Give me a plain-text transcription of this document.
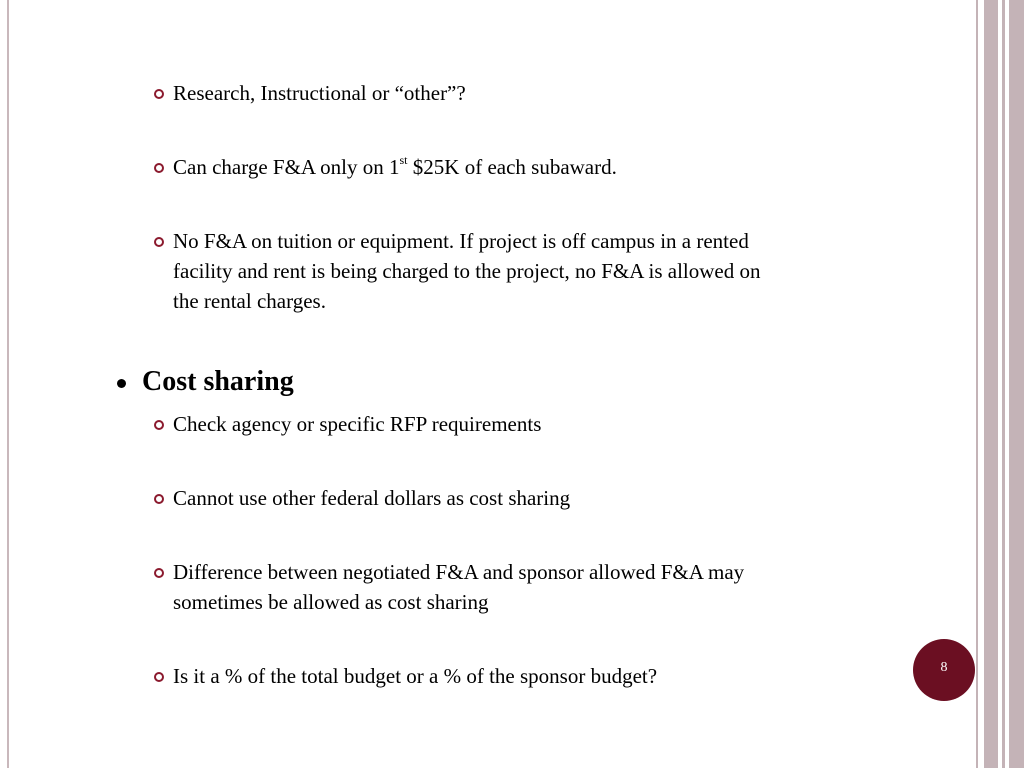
Research, Instructional or “other”?
Can charge F&A only on 1st $25K of each subaward.
No F&A on tuition or equipment. If project is off campus in a rented
facility and rent is being charged to the project, no F&A is allowed on
the rental charges.
Cost sharing
Check agency or specific RFP requirements
Cannot use other federal dollars as cost sharing
Difference between negotiated F&A and sponsor allowed F&A may
sometimes be allowed as cost sharing
Is it a % of the total budget or a % of the sponsor budget?	8
